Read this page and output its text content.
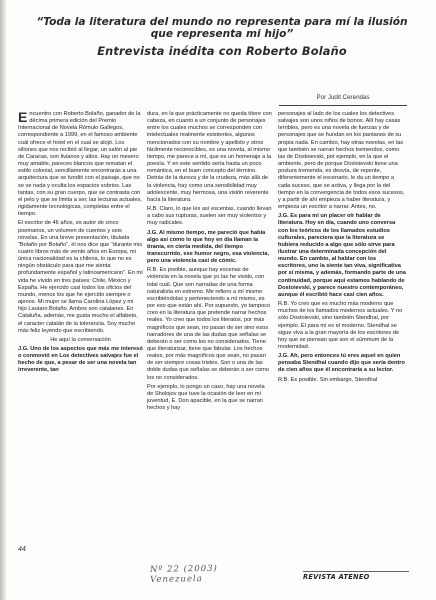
“Toda la literatura del mundo no representa para mí la ilusión que representa mi hijo”
Entrevista inédita con Roberto Bolaño
Por Judit Cerendas

Encuentro con Roberto Bolaño, ganador de la décima primera edición del Premio Internacional de Novela Rómulo Gallegos, correspondiente a 1999, en el famoso ambiente cuál ofrece el hotel en el cual se alojó. Los sillones que nos recibió al llegar, un salón al pie de Caracas, son livianos y altos. Hay un mesero muy amable, pareces blancos que rematan el estilo colonial, sencillamente encontrarás a una arquitectura que se fundió con el paisaje, que no se ve nada y oculta los espacios sobrios. Las tantas, con su gran cuerpo, que se contrasta con el pelo y que se limita a ser, las lecturas actuales, rigidamente tecnológicas, completas entre el tiempo.

El escritor de 46 años, es autor de cinco poemarios, un volumen de cuentos y seis novelas. En una breve presentación, titulada “Bolaño por Bolaño”, él nos dice que “durante mis cuatro libros más de veinte años en Europa, mi única nacionalidad es la chilena, lo que no es ningún obstáculo para que me sienta profundamente español y latinoamericano”. En mí vida he vivido en tres países: Chile, México y España. He ejercido casi todos los oficios del mundo, menos los que he ejercido siempre o ajenos. Mi mujer se llama Carolina López y mi hijo Lautaro Bolaño. Ambos son catalanes. En Cataluña, además, me gusta mucho el alfabeto, el caracter catalán de la tolerancia. Soy mucho más feliz leyendo que escribiendo.

He aquí la conversación

J.G. Uno de los aspectos que más me interesó o conmovió en Los detectives salvajes fue el hecho de que, a pesar de ser una novela tan irreverente, tan

dura, en la que prácticamente no queda títere con cabeza, en cuanto a un conjunto de personajes entre los cuales muchos se corresponden con intelectuales realmente existentes, algunos mencionados con su nombre y apellido y otros fácilmente reconocibles, es una novela, al mismo tiempo, me parece a mí, que es un homenaje a la poesía. Y en este sentido sería hasta un poco romántica, en el buen concepto del término. Detrás de la dureza y de la crudeza, más allá de la violencia, hay como una sensibilidad muy adolescente, muy hermosa, una visión reverente hacia la literatura.

R.B. Claro, lo que les así escentas, cuando llevan a cabo sus rupturas, suelen ser muy violentos y muy radicales.

J.G. Al mismo tiempo, me pareció que había algo así como lo que hoy en día llaman la tiranía, en cierta medida, del tiempo transcurrido, ese humor negro, esa violencia, pero una violencia casi de cómic.

R.B. Es posible, aunque hay escenas de violencia en la novela que yo las he vivido, con total cuál. Que son narradas de una forma naturalista en extremo. Me refiero a mí mismo escribiéndolas y perteneciendo a mí mismo, es por eso que están ahí. Por supuesto, yo tampoco creo en la literatura que pretende narrar hechos reales. Yo creo que todos los literatos, por más magníficos que sean, no pasan de ser sino esos narradores de una de las dudas que señalas se deberán o ser como los no considerados. Tiene que literaturizar, tiene que fabular. Los hechos reales, por más magníficos que sean, no pasan de ser siempre cosas tristes. Son o una de las doble dudas que señalas se deberán o ser como los no considerados.

Por ejemplo, lo pongo un caso, hay una novela de Sholojov que tuve la ocasión de leer en mí juventud, E. Don apacible, en la que se narran hechos y hay

personajes al lado de los cuales los detectives salvajes son unos niños de bonos. Allí hay casas terribles, pero es una novela de fuerzas y de personajes que se hundan en los pantanos de su propia nada. En cambio, hay otras novelas, en las que también se narran hechos tremendos, como las de Dostoievski, por ejemplo, en la que el ambiente, pero de porque Dostoievski tiene una postura tremenda, es desvía, de repente, diferentemente el escenario, le da un tiempo a cada suceso, que se activa, y llega por la del tiempo en la convergencia de todos esos sucesos, y a partir de ahí empieza a haber literatura, y empieza un escritor a narrar. Antes, no.

J.G. Es para mí un placer oír hablar de literatura. Hoy en día, cuando uno conversa con los teóricos de los llamados estudios culturales, pareciera que la literatura se hubiera reducido a algo que sólo sirve para ilustrar una determinada concepción del mundo. En cambio, al hablar con los escritores, uno la siente tan viva, significativa por sí misma, y además, formando parte de una continuidad, porque aquí estamos hablando de Dostoievski, y parece nuestro contemporáneo, aunque él escribió hace casi cien años.

R.B. Yo creo que es mucho más moderno que muchos de los llamados modernos actuales. Y no sólo Dostoievski, sino también Stendhal, por ejemplo. Él para mí es el moderno. Stendhal se sigue viva a la gran mayoría de los escritores de hoy que se piensan que son el súmmum de la modernidad.

J.G. Ah, pero entonces tú eres aquel en quien pensaba Stendhal cuando dijo que sería dentro de cien años que él encontraría a su lector.

R.B. Es posible. Sin embargo, Stendhal

44
Nº 22 (2003) Venezuela	REVISTA ATENEO
